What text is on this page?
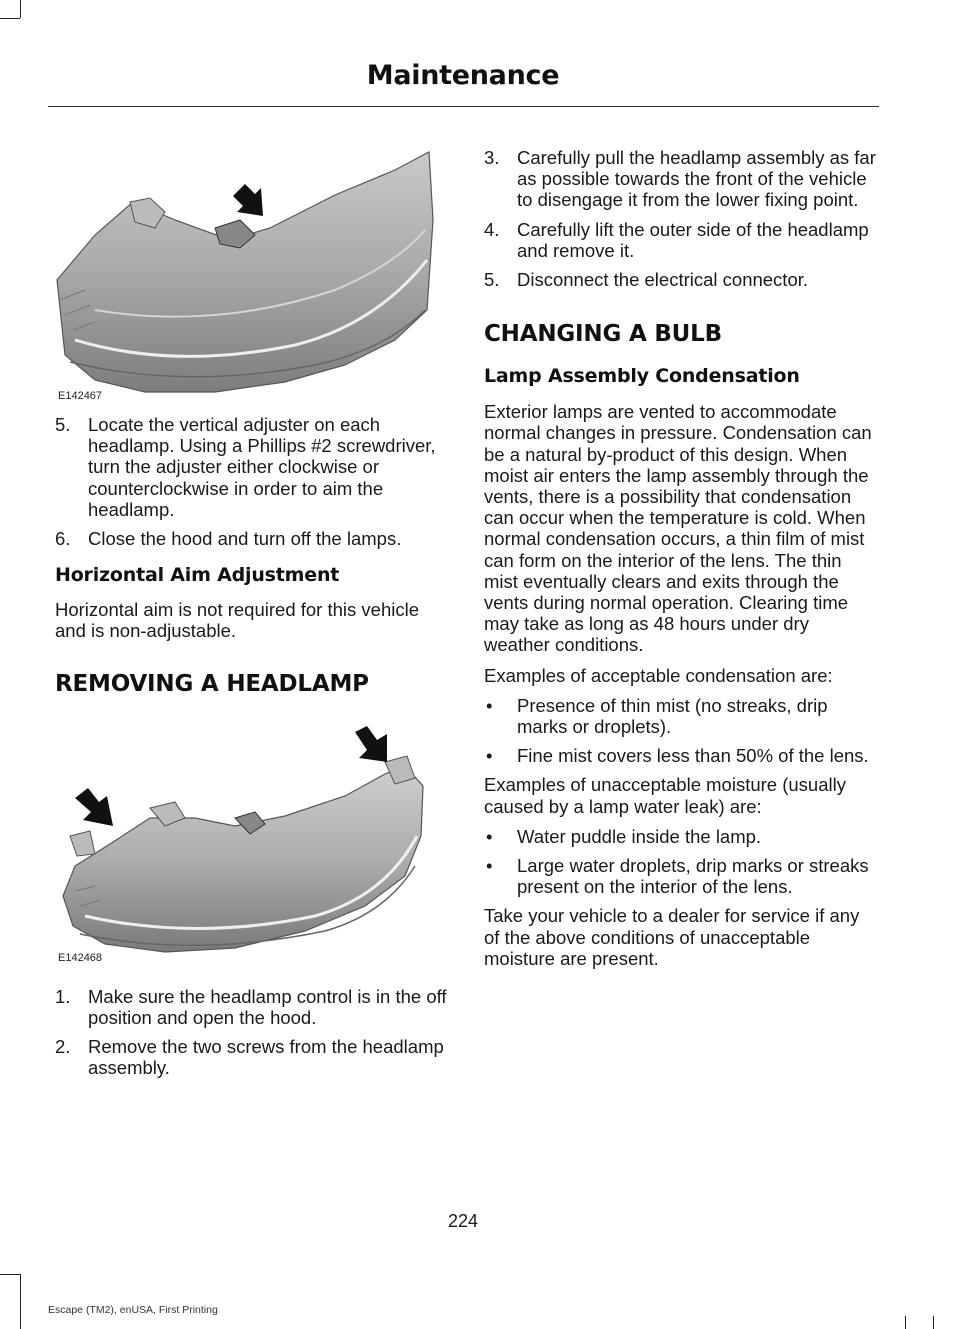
Maintenance
E142467
5. Locate the vertical adjuster on each headlamp. Using a Phillips #2 screwdriver, turn the adjuster either clockwise or counterclockwise in order to aim the headlamp.
6. Close the hood and turn off the lamps.
Horizontal Aim Adjustment

Horizontal aim is not required for this vehicle and is non-adjustable.

REMOVING A HEADLAMP
E142468
1. Make sure the headlamp control is in the off position and open the hood.
2. Remove the two screws from the headlamp assembly.
3. Carefully pull the headlamp assembly as far as possible towards the front of the vehicle to disengage it from the lower fixing point.
4. Carefully lift the outer side of the headlamp and remove it.
5. Disconnect the electrical connector.
CHANGING A BULB
Lamp Assembly Condensation

Exterior lamps are vented to accommodate normal changes in pressure. Condensation can be a natural by-product of this design. When moist air enters the lamp assembly through the vents, there is a possibility that condensation can occur when the temperature is cold. When normal condensation occurs, a thin film of mist can form on the interior of the lens. The thin mist eventually clears and exits through the vents during normal operation. Clearing time may take as long as 48 hours under dry weather conditions.

Examples of acceptable condensation are:

• Presence of thin mist (no streaks, drip marks or droplets).
• Fine mist covers less than 50% of the lens.

Examples of unacceptable moisture (usually caused by a lamp water leak) are:

• Water puddle inside the lamp.
• Large water droplets, drip marks or streaks present on the interior of the lens.

Take your vehicle to a dealer for service if any of the above conditions of unacceptable moisture are present.

224
Escape (TM2), enUSA, First Printing
